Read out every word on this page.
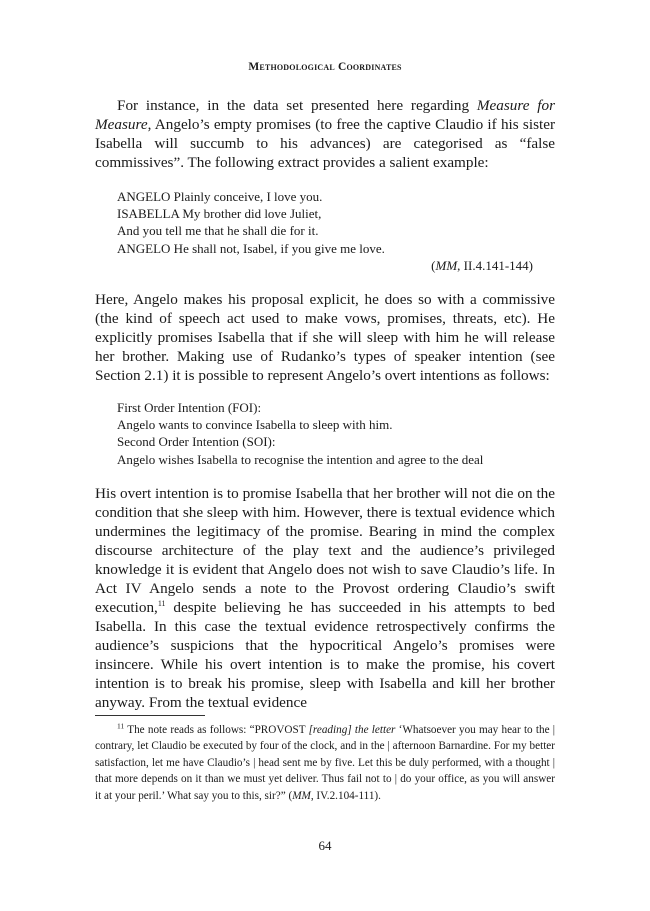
Methodological Coordinates

For instance, in the data set presented here regarding Measure for Measure, Angelo’s empty promises (to free the captive Claudio if his sister Isabella will succumb to his advances) are categorised as “false commissives”. The following extract provides a salient example:

ANGELO Plainly conceive, I love you.
ISABELLA My brother did love Juliet,
And you tell me that he shall die for it.
ANGELO He shall not, Isabel, if you give me love.
(MM, II.4.141-144)

Here, Angelo makes his proposal explicit, he does so with a commissive (the kind of speech act used to make vows, promises, threats, etc). He explicitly promises Isabella that if she will sleep with him he will release her brother. Making use of Rudanko’s types of speaker intention (see Section 2.1) it is possible to represent Angelo’s overt intentions as follows:

First Order Intention (FOI):
Angelo wants to convince Isabella to sleep with him.
Second Order Intention (SOI):
Angelo wishes Isabella to recognise the intention and agree to the deal

His overt intention is to promise Isabella that her brother will not die on the condition that she sleep with him. However, there is textual evidence which undermines the legitimacy of the promise. Bearing in mind the complex discourse architecture of the play text and the audience’s privileged knowledge it is evident that Angelo does not wish to save Claudio’s life. In Act IV Angelo sends a note to the Provost ordering Claudio’s swift execution,$^{11}$ despite believing he has succeeded in his attempts to bed Isabella. In this case the textual evidence retrospectively confirms the audience’s suspicions that the hypocritical Angelo’s promises were insincere. While his overt intention is to make the promise, his covert intention is to break his promise, sleep with Isabella and kill her brother anyway. From the textual evidence

$^{11}$ The note reads as follows: “PROVOST [reading] the letter ‘Whatsoever you may hear to the | contrary, let Claudio be executed by four of the clock, and in the | afternoon Barnardine. For my better satisfaction, let me have Claudio’s | head sent me by five. Let this be duly performed, with a thought | that more depends on it than we must yet deliver. Thus fail not to | do your office, as you will answer it at your peril.’ What say you to this, sir?” (MM, IV.2.104-111).
64
